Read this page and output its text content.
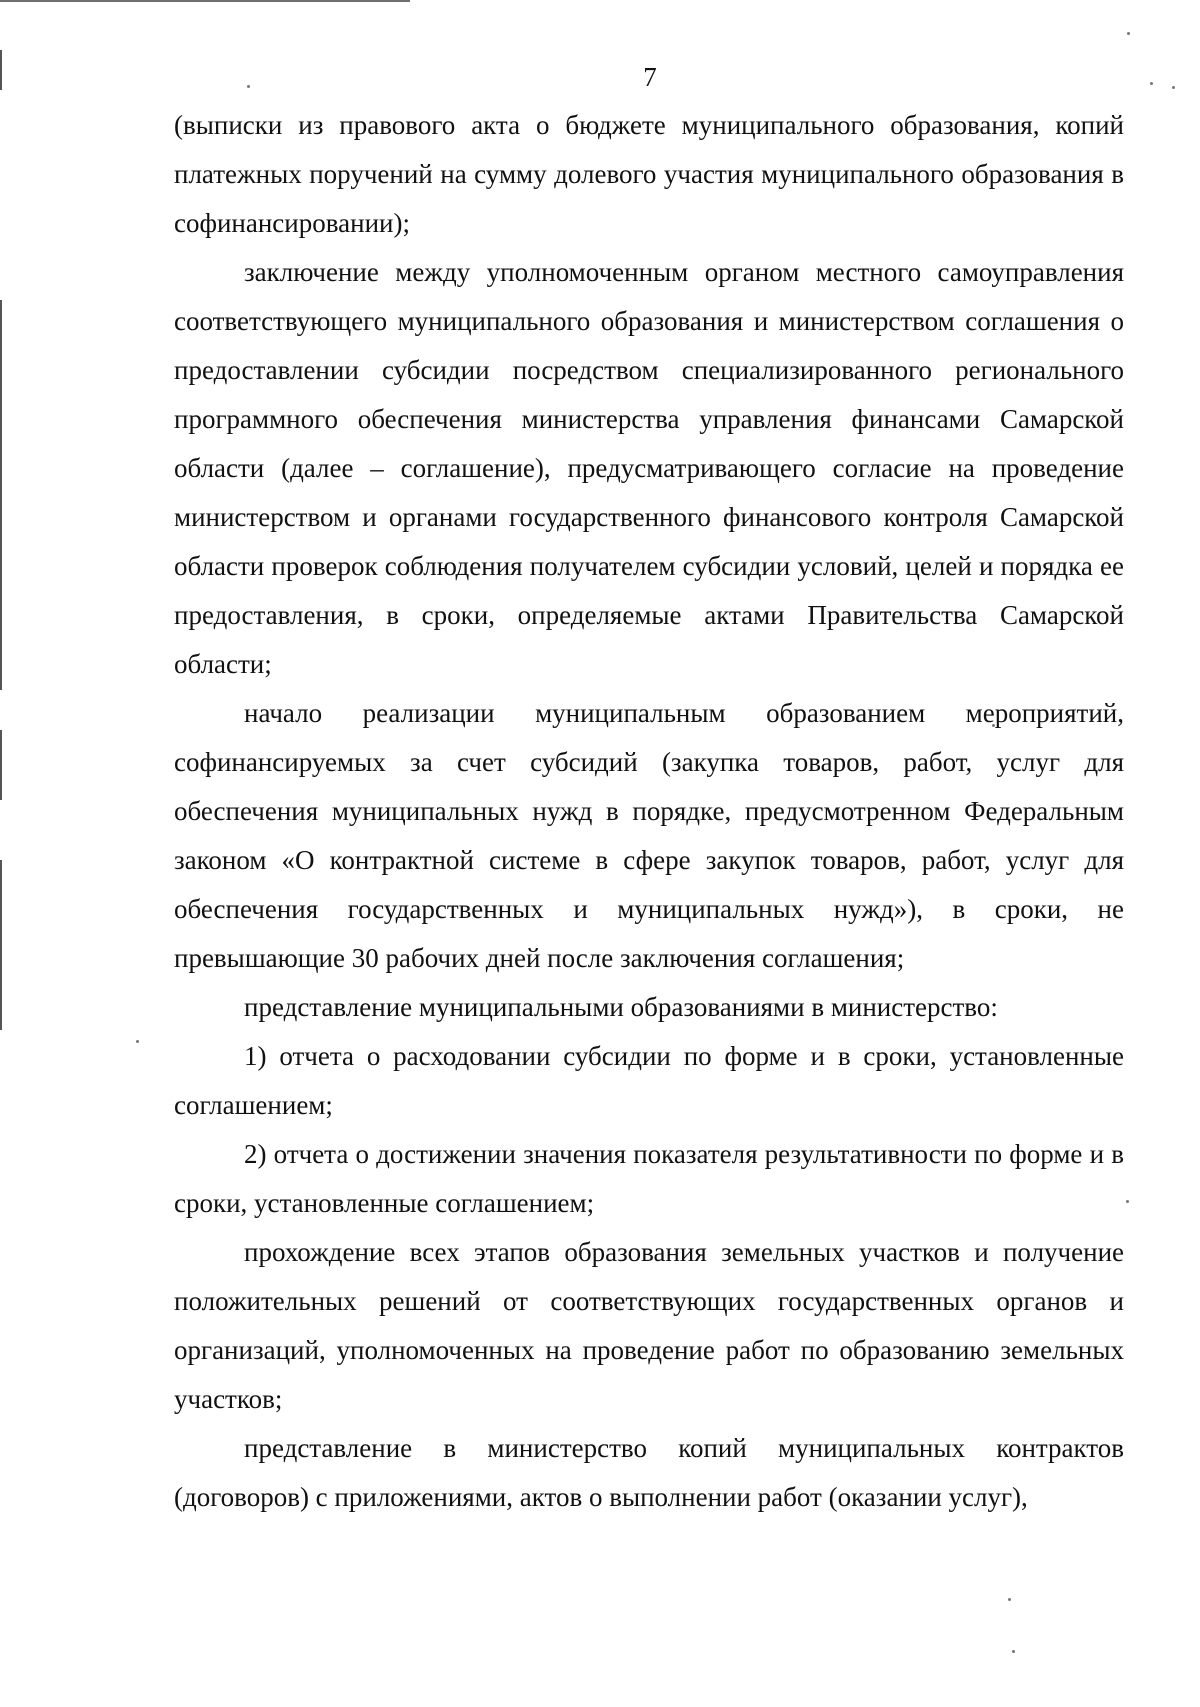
7

(выписки из правового акта о бюджете муниципального образования, копий платежных поручений на сумму долевого участия муниципального образования в софинансировании);

заключение между уполномоченным органом местного самоуправления соответствующего муниципального образования и министерством соглашения о предоставлении субсидии посредством специализированного регионального программного обеспечения министерства управления финансами Самарской области (далее – соглашение), предусматривающего согласие на проведение министерством и органами государственного финансового контроля Самарской области проверок соблюдения получателем субсидии условий, целей и порядка ее предоставления, в сроки, определяемые актами Правительства Самарской области;

начало реализации муниципальным образованием мероприятий, софинансируемых за счет субсидий (закупка товаров, работ, услуг для обеспечения муниципальных нужд в порядке, предусмотренном Федеральным законом «О контрактной системе в сфере закупок товаров, работ, услуг для обеспечения государственных и муниципальных нужд»), в сроки, не превышающие 30 рабочих дней после заключения соглашения;

представление муниципальными образованиями в министерство:

1) отчета о расходовании субсидии по форме и в сроки, установленные соглашением;

2) отчета о достижении значения показателя результативности по форме и в сроки, установленные соглашением;

прохождение всех этапов образования земельных участков и получение положительных решений от соответствующих государственных органов и организаций, уполномоченных на проведение работ по образованию земельных участков;

представление в министерство копий муниципальных контрактов (договоров) с приложениями, актов о выполнении работ (оказании услуг),
